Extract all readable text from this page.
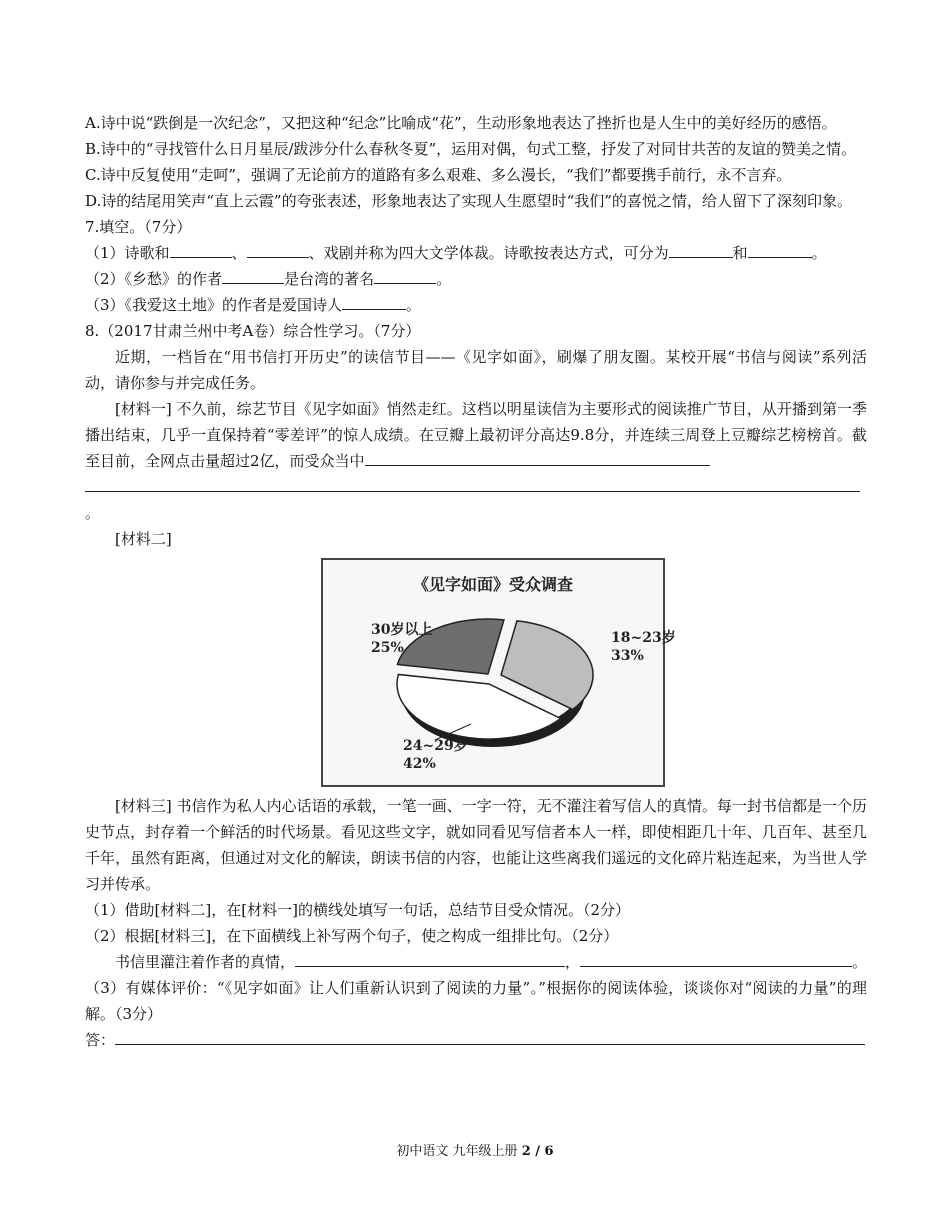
A.诗中说“跌倒是一次纪念”，又把这种“纪念”比喻成“花”，生动形象地表达了挫折也是人生中的美好经历的感悟。

B.诗中的“寻找管什么日月星辰/跋涉分什么春秋冬夏”，运用对偶，句式工整，抒发了对同甘共苦的友谊的赞美之情。

C.诗中反复使用“走呵”，强调了无论前方的道路有多么艰难、多么漫长，“我们”都要携手前行，永不言弃。

D.诗的结尾用笑声“直上云霞”的夸张表述，形象地表达了实现人生愿望时“我们”的喜悦之情，给人留下了深刻印象。

7.填空。（7分）

（1）诗歌和	、	、戏剧并称为四大文学体裁。诗歌按表达方式，可分为	和	。

（2）《乡愁》的作者	是台湾的著名	。

（3）《我爱这土地》的作者是爱国诗人	。

8.（2017甘肃兰州中考A卷）综合性学习。（7分）

近期，一档旨在“用书信打开历史”的读信节目——《见字如面》，刷爆了朋友圈。某校开展“书信与阅读”系列活动，请你参与并完成任务。

[材料一] 不久前，综艺节目《见字如面》悄然走红。这档以明星读信为主要形式的阅读推广节目，从开播到第一季播出结束，几乎一直保持着“零差评”的惊人成绩。在豆瓣上最初评分高达9.8分，并连续三周登上豆瓣综艺榜榜首。截至目前，全网点击量超过2亿，而受众当中
。

[材料二]

《见字如面》受众调查
18~23岁
33%
24~29岁
42%
30岁以上
25%

[材料三] 书信作为私人内心话语的承载，一笔一画、一字一符，无不灌注着写信人的真情。每一封书信都是一个历史节点，封存着一个鲜活的时代场景。看见这些文字，就如同看见写信者本人一样，即使相距几十年、几百年、甚至几千年，虽然有距离，但通过对文化的解读，朗读书信的内容，也能让这些离我们遥远的文化碎片粘连起来，为当世人学习并传承。

（1）借助[材料二]，在[材料一]的横线处填写一句话，总结节目受众情况。（2分）

（2）根据[材料三]，在下面横线上补写两个句子，使之构成一组排比句。（2分）

书信里灌注着作者的真情，	，	。

（3）有媒体评价：“《见字如面》让人们重新认识到了阅读的力量”。”根据你的阅读体验，谈谈你对“阅读的力量”的理解。（3分）

答：

初中语文 九年级上册 2 / 6
